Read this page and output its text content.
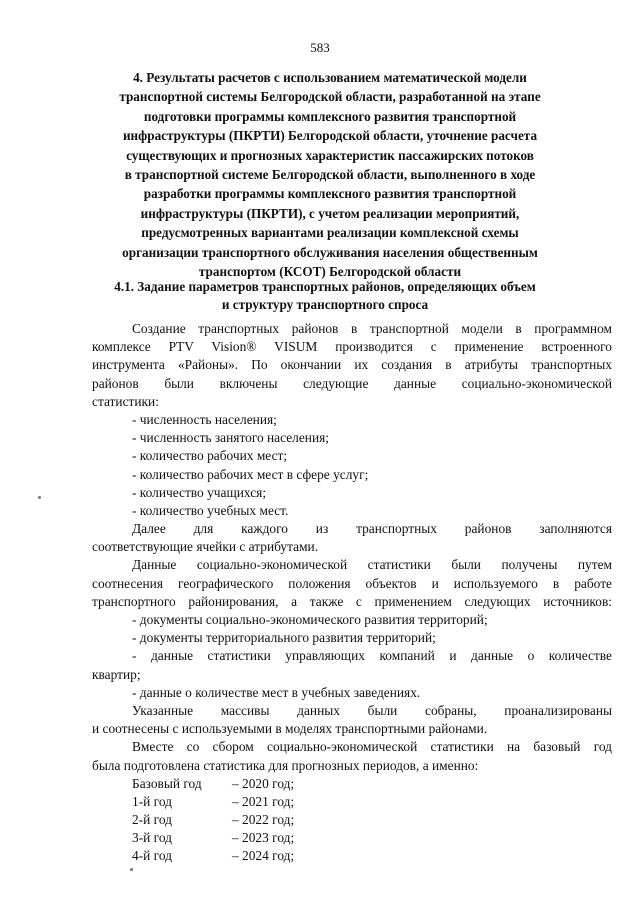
583
4. Результаты расчетов с использованием математической модели
транспортной системы Белгородской области, разработанной на этапе
подготовки программы комплексного развития транспортной
инфраструктуры (ПКРТИ) Белгородской области, уточнение расчета
существующих и прогнозных характеристик пассажирских потоков
в транспортной системе Белгородской области, выполненного в ходе
разработки программы комплексного развития транспортной
инфраструктуры (ПКРТИ), с учетом реализации мероприятий,
предусмотренных вариантами реализации комплексной схемы
организации транспортного обслуживания населения общественным
транспортом (КСОТ) Белгородской области
4.1. Задание параметров транспортных районов, определяющих объем
и структуру транспортного спроса
Создание транспортных районов в транспортной модели в программном
комплексе PTV Vision® VISUM производится с применение встроенного
инструмента «Районы». По окончании их создания в атрибуты транспортных
районов были включены следующие данные социально-экономической
статистики:
- численность населения;
- численность занятого населения;
- количество рабочих мест;
- количество рабочих мест в сфере услуг;
- количество учащихся;
- количество учебных мест.
Далее для каждого из транспортных районов заполняются
соответствующие ячейки с атрибутами.
Данные социально-экономической статистики были получены путем
соотнесения географического положения объектов и используемого в работе
транспортного районирования, а также с применением следующих источников:
- документы социально-экономического развития территорий;
- документы территориального развития территорий;
- данные статистики управляющих компаний и данные о количестве
квартир;
- данные о количестве мест в учебных заведениях.
Указанные массивы данных были собраны, проанализированы
и соотнесены с используемыми в моделях транспортными районами.
Вместе со сбором социально-экономической статистики на базовый год
была подготовлена статистика для прогнозных периодов, а именно:
Базовый год	– 2020 год;
1-й год	– 2021 год;
2-й год	– 2022 год;
3-й год	– 2023 год;
4-й год	– 2024 год;
